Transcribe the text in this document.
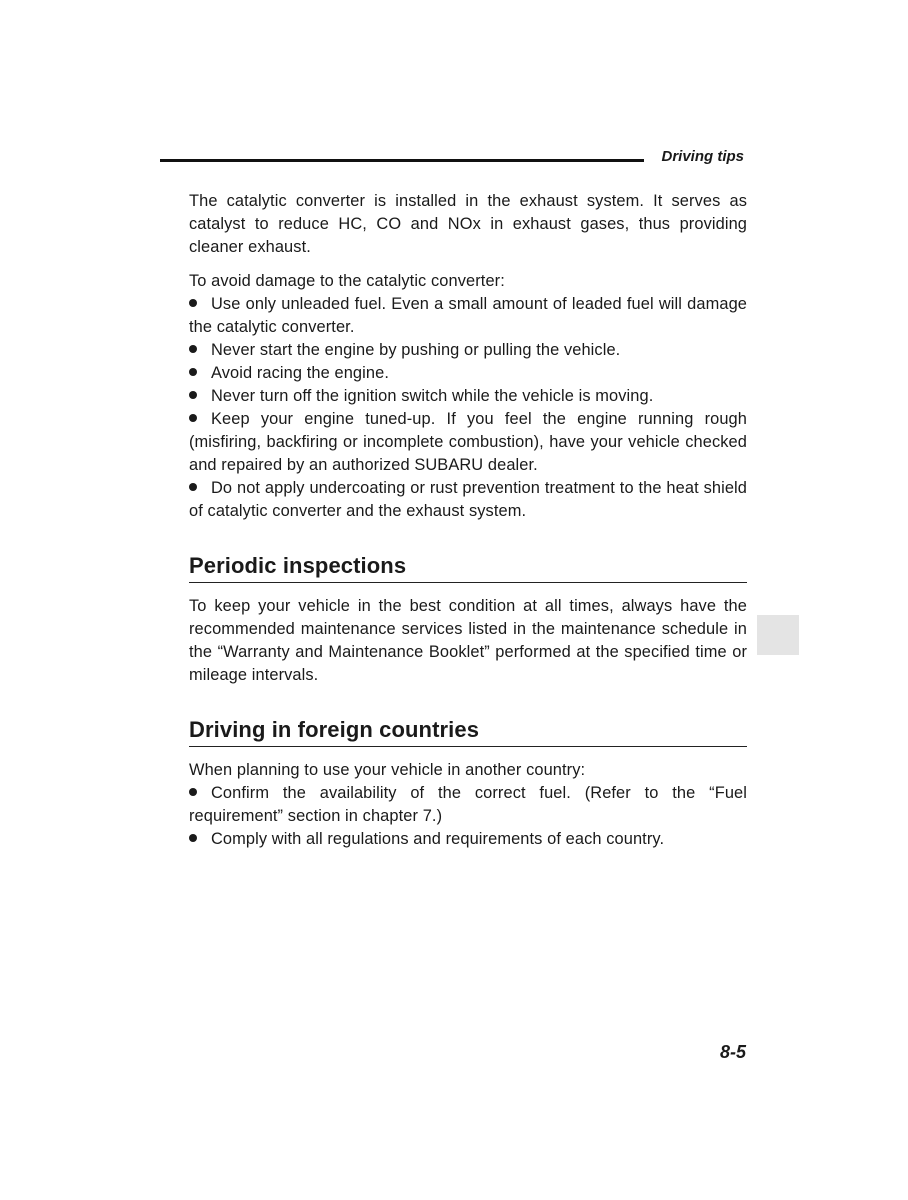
Driving tips

The catalytic converter is installed in the exhaust system. It serves as catalyst to reduce HC, CO and NOx in exhaust gases, thus providing cleaner exhaust.

To avoid damage to the catalytic converter:

Use only unleaded fuel. Even a small amount of leaded fuel will damage the catalytic converter.

Never start the engine by pushing or pulling the vehicle.

Avoid racing the engine.

Never turn off the ignition switch while the vehicle is moving.

Keep your engine tuned-up. If you feel the engine running rough (misfiring, backfiring or incomplete combustion), have your vehicle checked and repaired by an authorized SUBARU dealer.

Do not apply undercoating or rust prevention treatment to the heat shield of catalytic converter and the exhaust system.

Periodic inspections

To keep your vehicle in the best condition at all times, always have the recommended maintenance services listed in the maintenance schedule in the “Warranty and Maintenance Booklet” performed at the specified time or mileage intervals.

Driving in foreign countries

When planning to use your vehicle in another country:

Confirm the availability of the correct fuel. (Refer to the “Fuel requirement” section in chapter 7.)

Comply with all regulations and requirements of each country.

8-5
